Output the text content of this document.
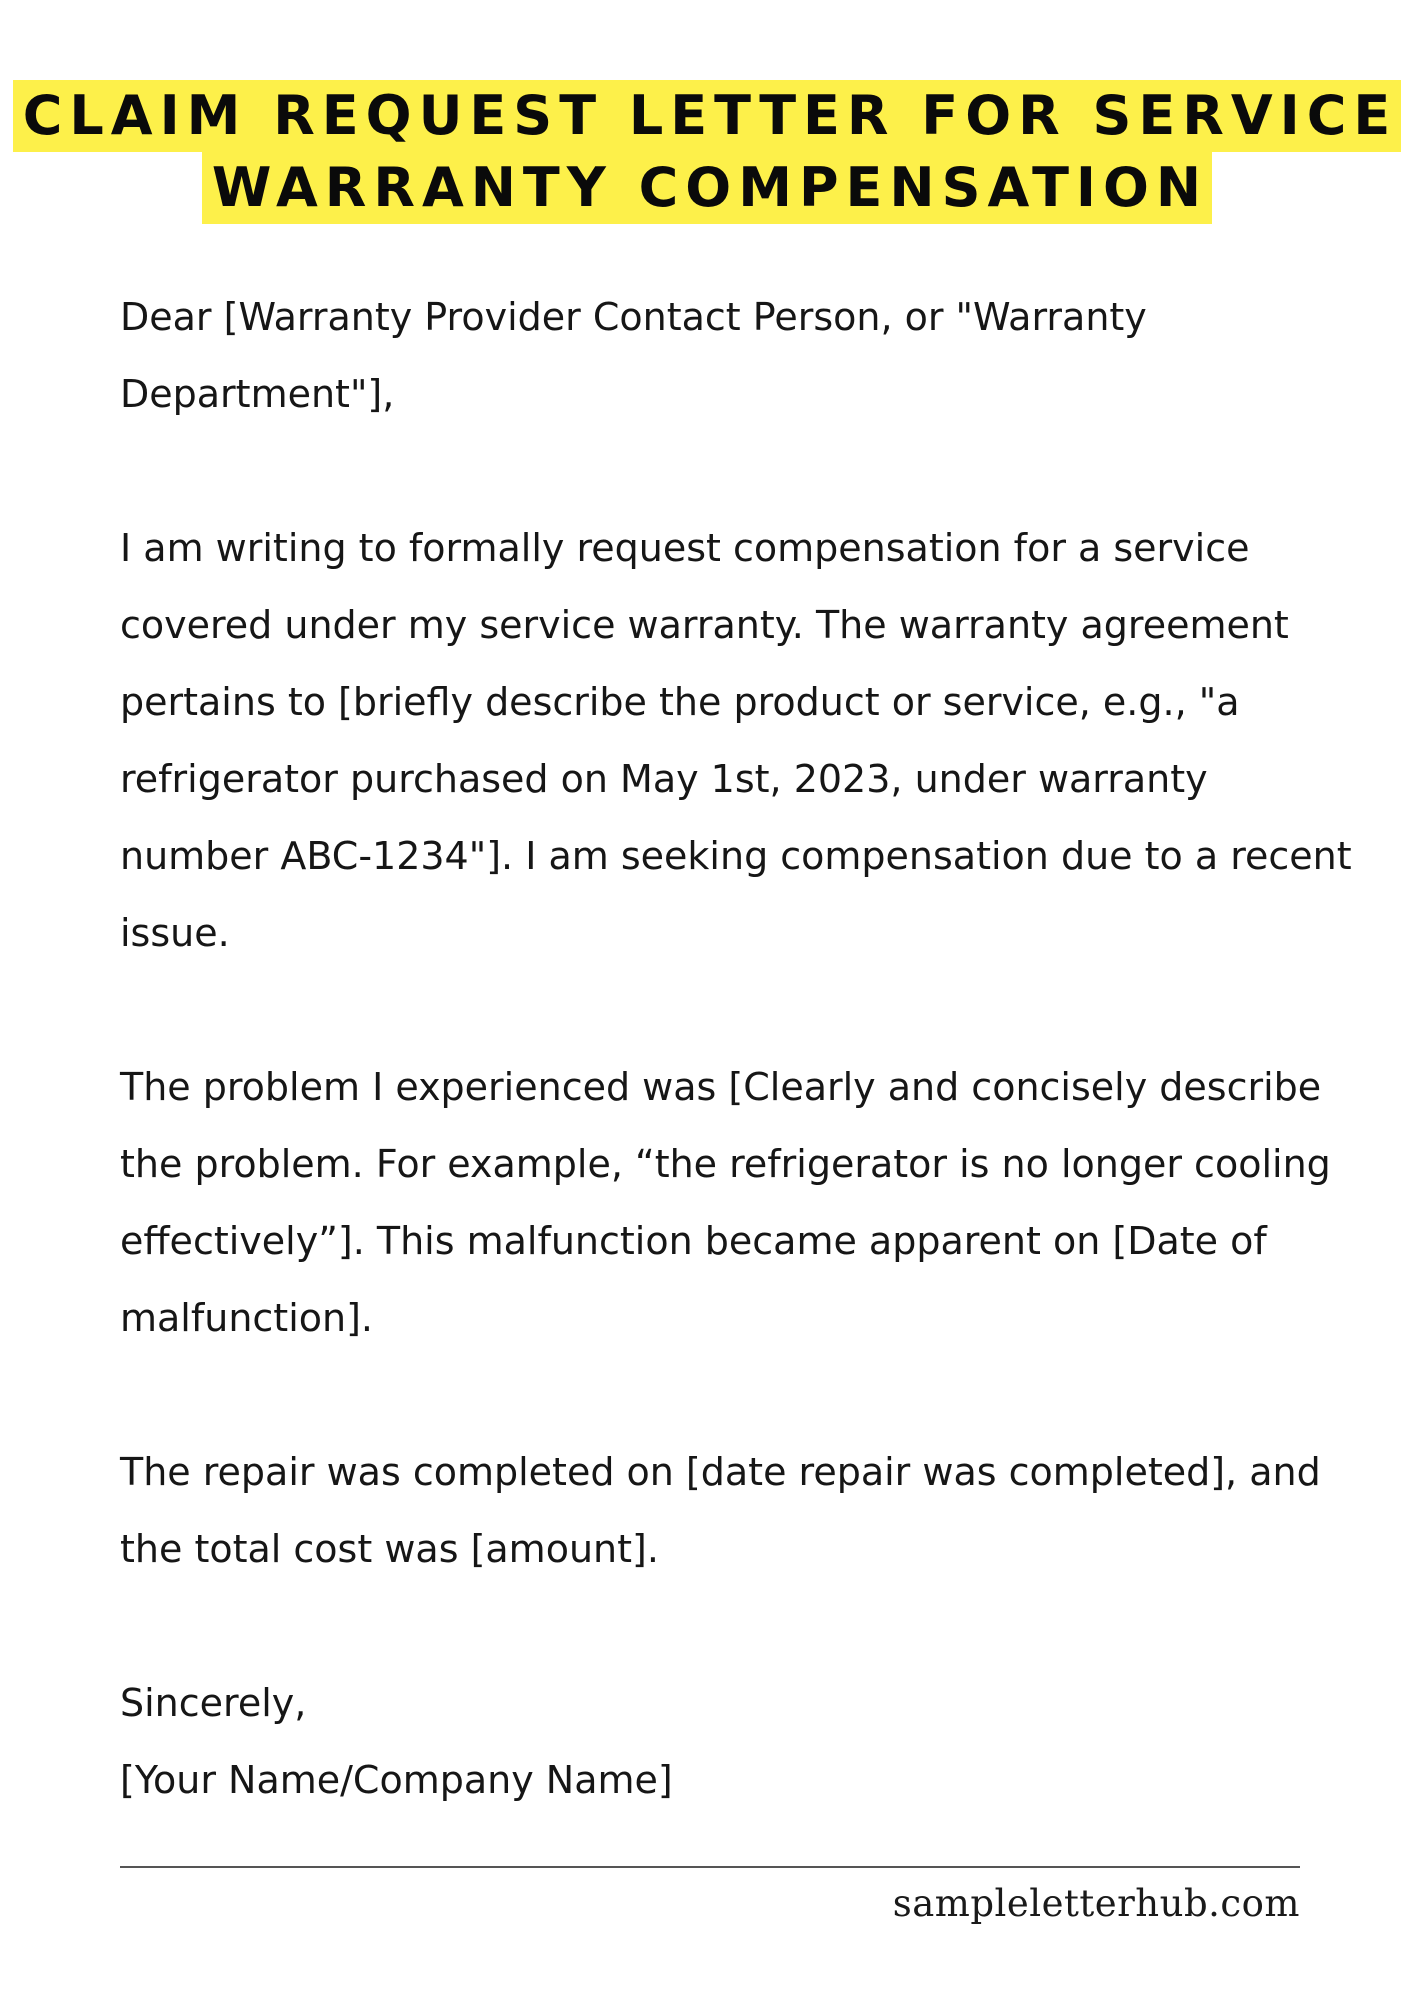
CLAIM REQUEST LETTER FOR SERVICE
WARRANTY COMPENSATION

Dear [Warranty Provider Contact Person, or "Warranty Department"],

I am writing to formally request compensation for a service covered under my service warranty. The warranty agreement pertains to [briefly describe the product or service, e.g., "a refrigerator purchased on May 1st, 2023, under warranty number ABC-1234"]. I am seeking compensation due to a recent issue.

The problem I experienced was [Clearly and concisely describe the problem. For example, “the refrigerator is no longer cooling effectively”]. This malfunction became apparent on [Date of malfunction].

The repair was completed on [date repair was completed], and the total cost was [amount].

Sincerely,

[Your Name/Company Name]

sampleletterhub.com
